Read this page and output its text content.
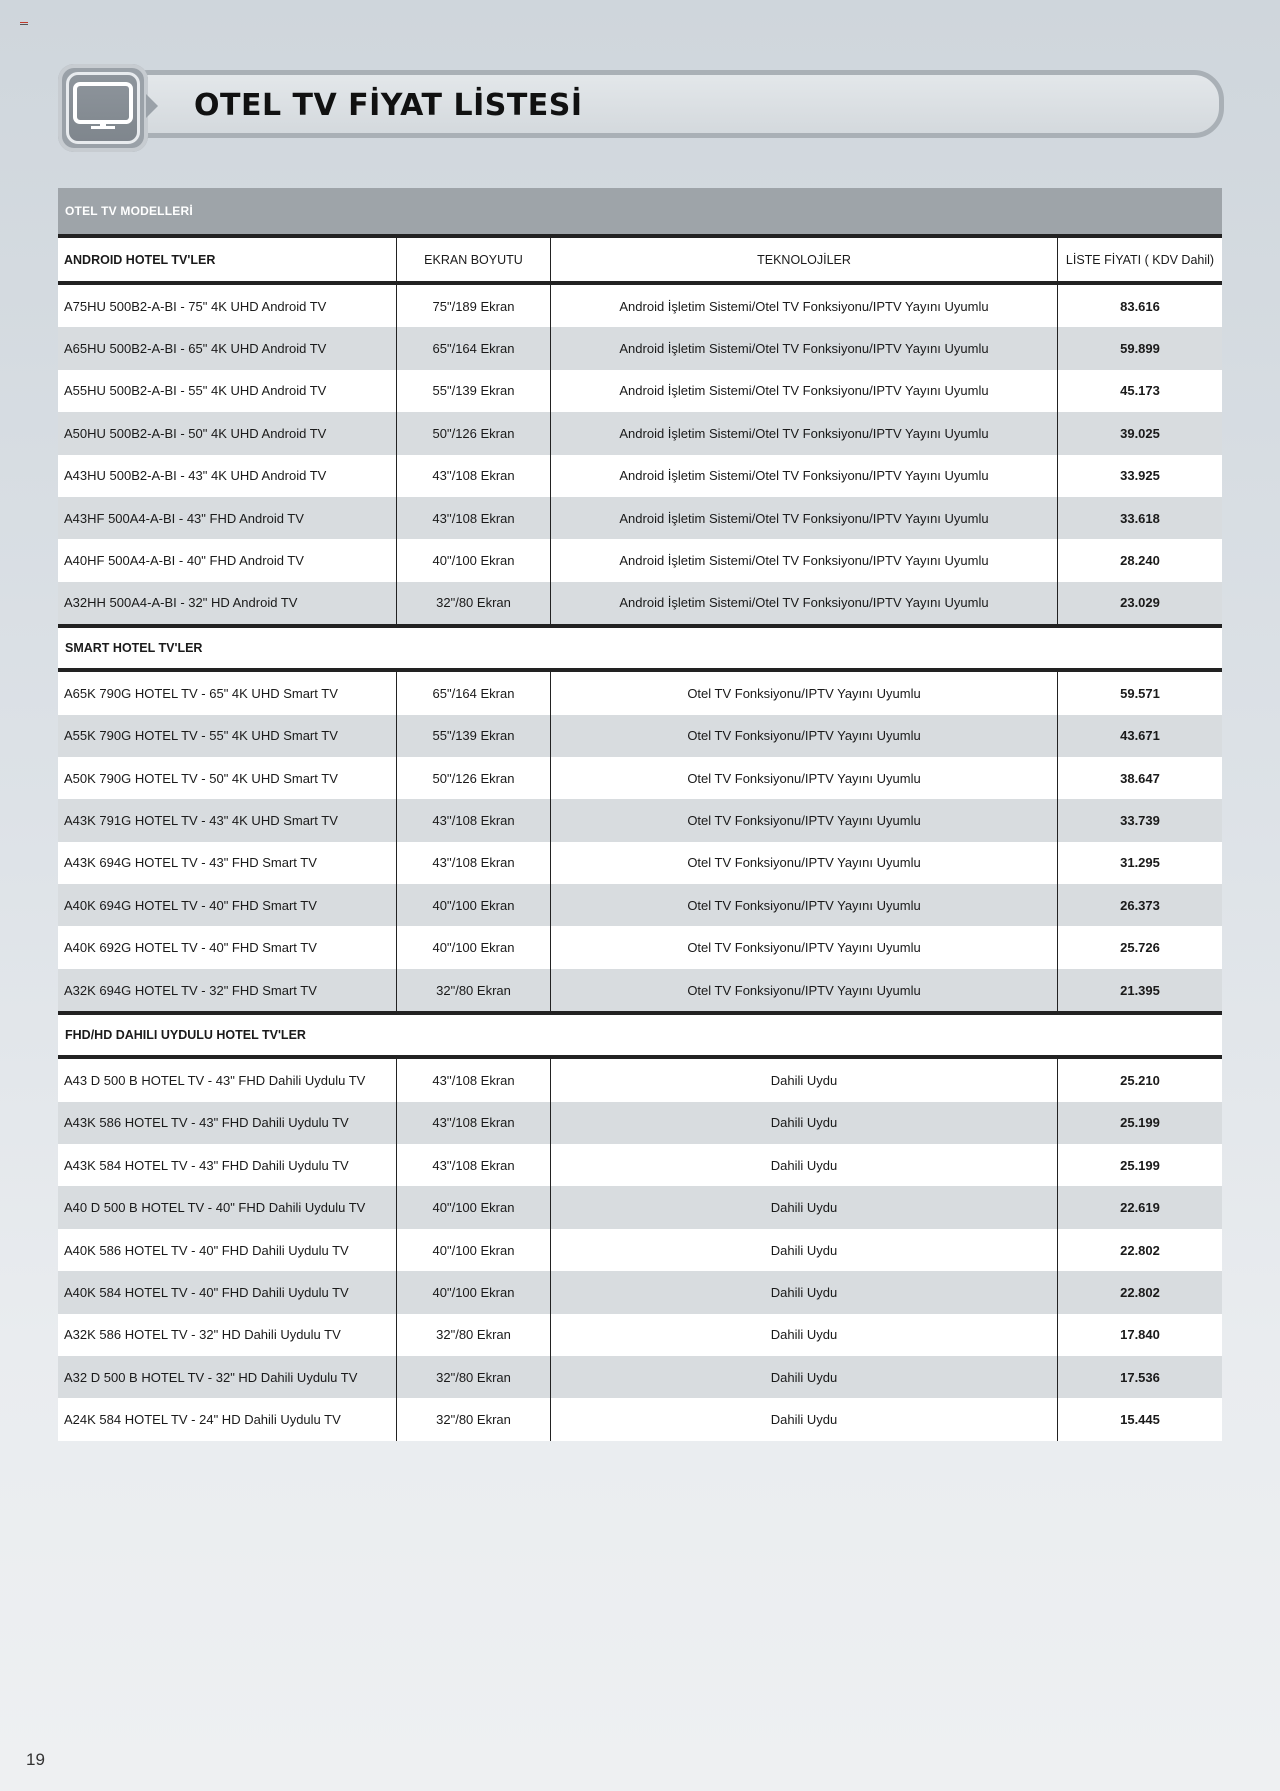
OTEL TV FİYAT LİSTESİ
OTEL TV MODELLERİ
ANDROID HOTEL TV'LER	EKRAN BOYUTU	TEKNOLOJİLER	LİSTE FİYATI ( KDV Dahil)
A75HU 500B2-A-BI - 75" 4K UHD Android TV	75"/189 Ekran	Android İşletim Sistemi/Otel TV Fonksiyonu/IPTV Yayını Uyumlu	83.616
A65HU 500B2-A-BI - 65" 4K UHD Android TV	65"/164 Ekran	Android İşletim Sistemi/Otel TV Fonksiyonu/IPTV Yayını Uyumlu	59.899
A55HU 500B2-A-BI - 55" 4K UHD Android TV	55"/139 Ekran	Android İşletim Sistemi/Otel TV Fonksiyonu/IPTV Yayını Uyumlu	45.173
A50HU 500B2-A-BI - 50" 4K UHD Android TV	50"/126 Ekran	Android İşletim Sistemi/Otel TV Fonksiyonu/IPTV Yayını Uyumlu	39.025
A43HU 500B2-A-BI - 43" 4K UHD Android TV	43''/108 Ekran	Android İşletim Sistemi/Otel TV Fonksiyonu/IPTV Yayını Uyumlu	33.925
A43HF 500A4-A-BI - 43" FHD Android TV	43''/108 Ekran	Android İşletim Sistemi/Otel TV Fonksiyonu/IPTV Yayını Uyumlu	33.618
A40HF 500A4-A-BI - 40" FHD Android TV	40"/100 Ekran	Android İşletim Sistemi/Otel TV Fonksiyonu/IPTV Yayını Uyumlu	28.240
A32HH 500A4-A-BI - 32" HD Android TV	32"/80 Ekran	Android İşletim Sistemi/Otel TV Fonksiyonu/IPTV Yayını Uyumlu	23.029
SMART HOTEL TV'LER
A65K 790G HOTEL TV - 65" 4K UHD Smart TV	65"/164 Ekran	Otel TV Fonksiyonu/IPTV Yayını Uyumlu	59.571
A55K 790G HOTEL TV - 55" 4K UHD Smart TV	55"/139 Ekran	Otel TV Fonksiyonu/IPTV Yayını Uyumlu	43.671
A50K 790G HOTEL TV - 50" 4K UHD Smart TV	50"/126 Ekran	Otel TV Fonksiyonu/IPTV Yayını Uyumlu	38.647
A43K 791G HOTEL TV - 43" 4K UHD Smart TV	43''/108 Ekran	Otel TV Fonksiyonu/IPTV Yayını Uyumlu	33.739
A43K 694G HOTEL TV - 43" FHD Smart TV	43''/108 Ekran	Otel TV Fonksiyonu/IPTV Yayını Uyumlu	31.295
A40K 694G HOTEL TV - 40" FHD Smart TV	40"/100 Ekran	Otel TV Fonksiyonu/IPTV Yayını Uyumlu	26.373
A40K 692G HOTEL TV - 40" FHD Smart TV	40"/100 Ekran	Otel TV Fonksiyonu/IPTV Yayını Uyumlu	25.726
A32K 694G HOTEL TV - 32" FHD Smart TV	32"/80 Ekran	Otel TV Fonksiyonu/IPTV Yayını Uyumlu	21.395
FHD/HD DAHILI UYDULU HOTEL TV'LER
A43 D 500 B HOTEL TV - 43" FHD Dahili Uydulu TV	43''/108 Ekran	Dahili Uydu	25.210
A43K 586 HOTEL TV - 43" FHD Dahili Uydulu TV	43''/108 Ekran	Dahili Uydu	25.199
A43K 584 HOTEL TV - 43" FHD Dahili Uydulu TV	43''/108 Ekran	Dahili Uydu	25.199
A40 D 500 B HOTEL TV - 40" FHD Dahili Uydulu TV	40"/100 Ekran	Dahili Uydu	22.619
A40K 586 HOTEL TV - 40" FHD Dahili Uydulu TV	40"/100 Ekran	Dahili Uydu	22.802
A40K 584 HOTEL TV - 40" FHD Dahili Uydulu TV	40"/100 Ekran	Dahili Uydu	22.802
A32K 586 HOTEL TV - 32" HD Dahili Uydulu TV	32"/80 Ekran	Dahili Uydu	17.840
A32 D 500 B HOTEL TV - 32" HD Dahili Uydulu TV	32"/80 Ekran	Dahili Uydu	17.536
A24K 584 HOTEL TV - 24" HD Dahili Uydulu TV	32"/80 Ekran	Dahili Uydu	15.445
19
